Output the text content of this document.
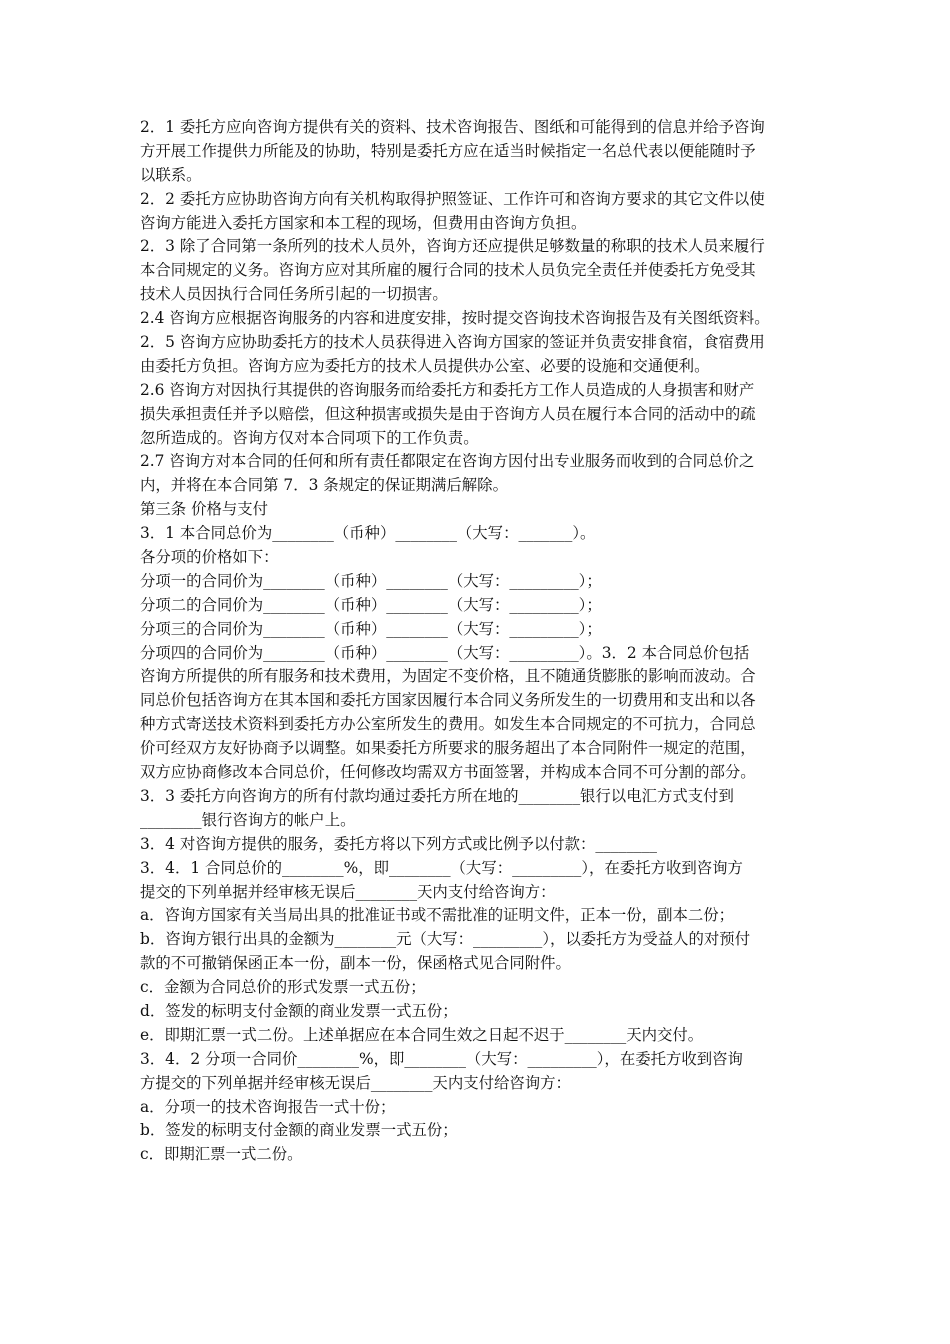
2．1 委托方应向咨询方提供有关的资料、技术咨询报告、图纸和可能得到的信息并给予咨询
方开展工作提供力所能及的协助，特别是委托方应在适当时候指定一名总代表以便能随时予
以联系。
2．2 委托方应协助咨询方向有关机构取得护照签证、工作许可和咨询方要求的其它文件以使
咨询方能进入委托方国家和本工程的现场，但费用由咨询方负担。
2．3 除了合同第一条所列的技术人员外，咨询方还应提供足够数量的称职的技术人员来履行
本合同规定的义务。咨询方应对其所雇的履行合同的技术人员负完全责任并使委托方免受其
技术人员因执行合同任务所引起的一切损害。
2.4 咨询方应根据咨询服务的内容和进度安排，按时提交咨询技术咨询报告及有关图纸资料。
2．5 咨询方应协助委托方的技术人员获得进入咨询方国家的签证并负责安排食宿，食宿费用
由委托方负担。咨询方应为委托方的技术人员提供办公室、必要的设施和交通便利。
2.6 咨询方对因执行其提供的咨询服务而给委托方和委托方工作人员造成的人身损害和财产
损失承担责任并予以赔偿，但这种损害或损失是由于咨询方人员在履行本合同的活动中的疏
忽所造成的。咨询方仅对本合同项下的工作负责。
2.7 咨询方对本合同的任何和所有责任都限定在咨询方因付出专业服务而收到的合同总价之
内，并将在本合同第 7．3 条规定的保证期满后解除。
第三条 价格与支付
3．1 本合同总价为________（币种）________（大写：_______）。
各分项的价格如下：
分项一的合同价为________（币种）________（大写：_________）；
分项二的合同价为________（币种）________（大写：_________）；
分项三的合同价为________（币种）________（大写：_________）；
分项四的合同价为________（币种）________（大写：_________）。3．2 本合同总价包括
咨询方所提供的所有服务和技术费用，为固定不变价格，且不随通货膨胀的影响而波动。合
同总价包括咨询方在其本国和委托方国家因履行本合同义务所发生的一切费用和支出和以各
种方式寄送技术资料到委托方办公室所发生的费用。如发生本合同规定的不可抗力，合同总
价可经双方友好协商予以调整。如果委托方所要求的服务超出了本合同附件一规定的范围，
双方应协商修改本合同总价，任何修改均需双方书面签署，并构成本合同不可分割的部分。
3．3 委托方向咨询方的所有付款均通过委托方所在地的________银行以电汇方式支付到
________银行咨询方的帐户上。
3．4 对咨询方提供的服务，委托方将以下列方式或比例予以付款：________
3．4．1 合同总价的________%，即________（大写：_________），在委托方收到咨询方
提交的下列单据并经审核无误后________天内支付给咨询方：
a．咨询方国家有关当局出具的批准证书或不需批准的证明文件，正本一份，副本二份；
b．咨询方银行出具的金额为________元（大写：_________），以委托方为受益人的对预付
款的不可撤销保函正本一份，副本一份，保函格式见合同附件。
c．金额为合同总价的形式发票一式五份；
d．签发的标明支付金额的商业发票一式五份；
e．即期汇票一式二份。上述单据应在本合同生效之日起不迟于________天内交付。
3．4．2 分项一合同价________%，即________（大写：_________），在委托方收到咨询
方提交的下列单据并经审核无误后________天内支付给咨询方：
a．分项一的技术咨询报告一式十份；
b．签发的标明支付金额的商业发票一式五份；
c．即期汇票一式二份。
